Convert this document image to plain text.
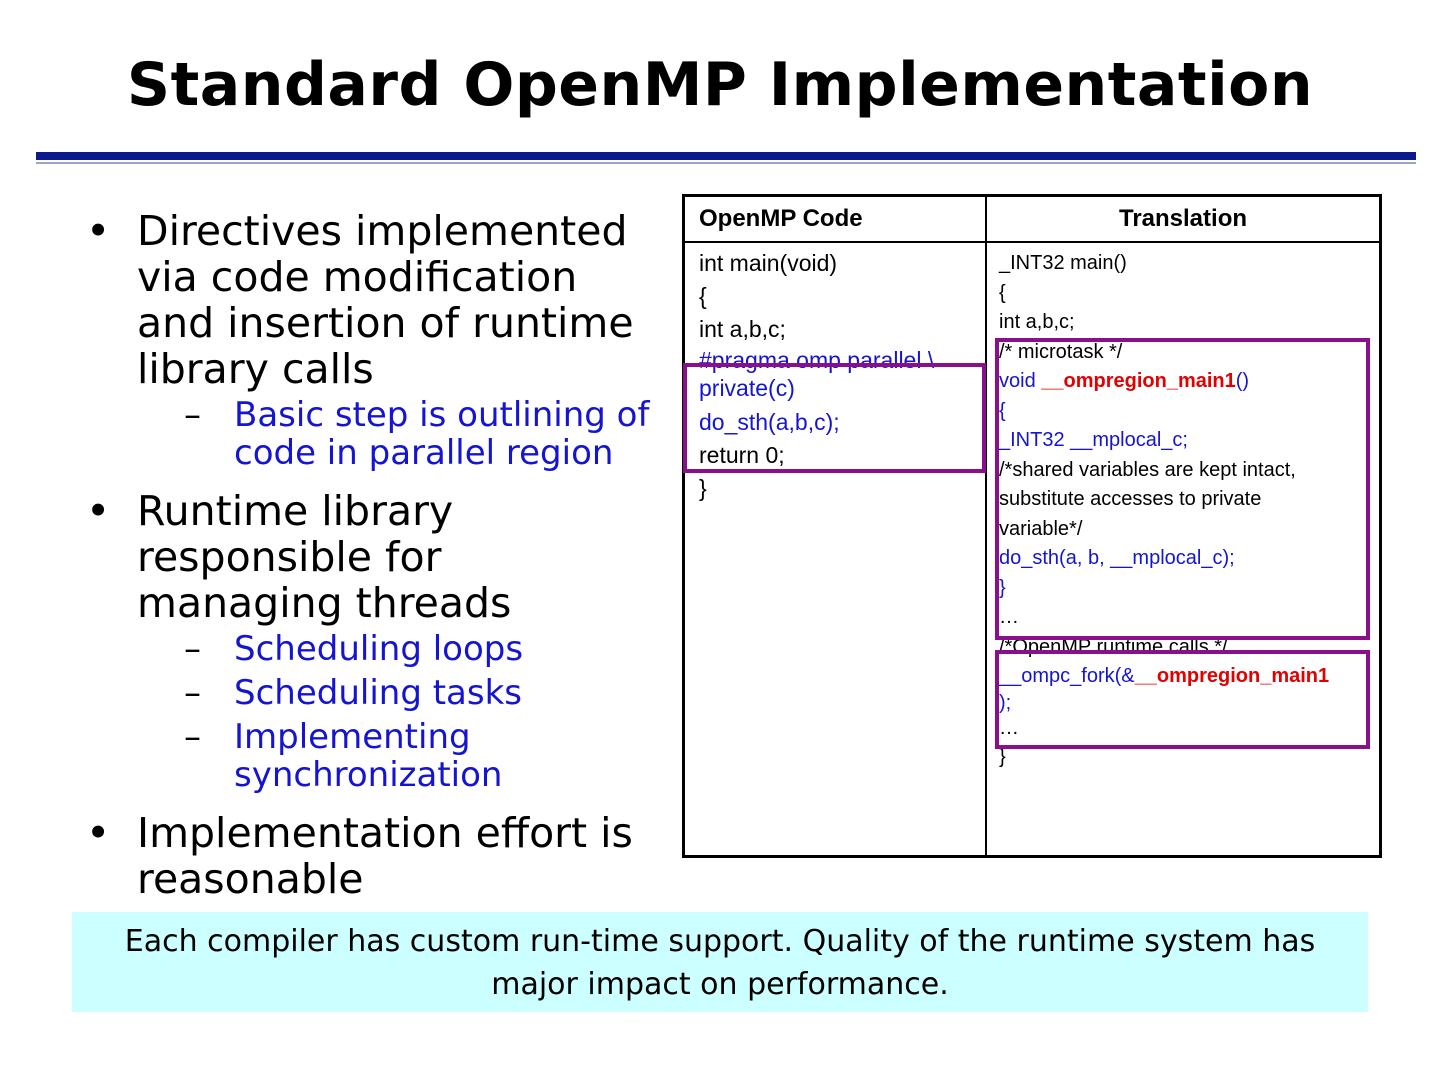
Standard OpenMP Implementation
• Directives implemented via code modification and insertion of runtime library calls
– Basic step is outlining of code in parallel region
• Runtime library responsible for managing threads
– Scheduling loops
– Scheduling tasks
– Implementing synchronization
• Implementation effort is reasonable
OpenMP Code	Translation
int main(void)
{
int a,b,c;
#pragma omp parallel \
private(c)
do_sth(a,b,c);
return 0;
}
_INT32 main()
{
int a,b,c;
/* microtask */
void __ompregion_main1()
{
_INT32 __mplocal_c;
/*shared variables are kept intact,
substitute accesses to private
variable*/
do_sth(a, b, __mplocal_c);
}
…
/*OpenMP runtime calls */
__ompc_fork(&__ompregion_main1
);
…
}
Each compiler has custom run-time support. Quality of the runtime system has
major impact on performance.
